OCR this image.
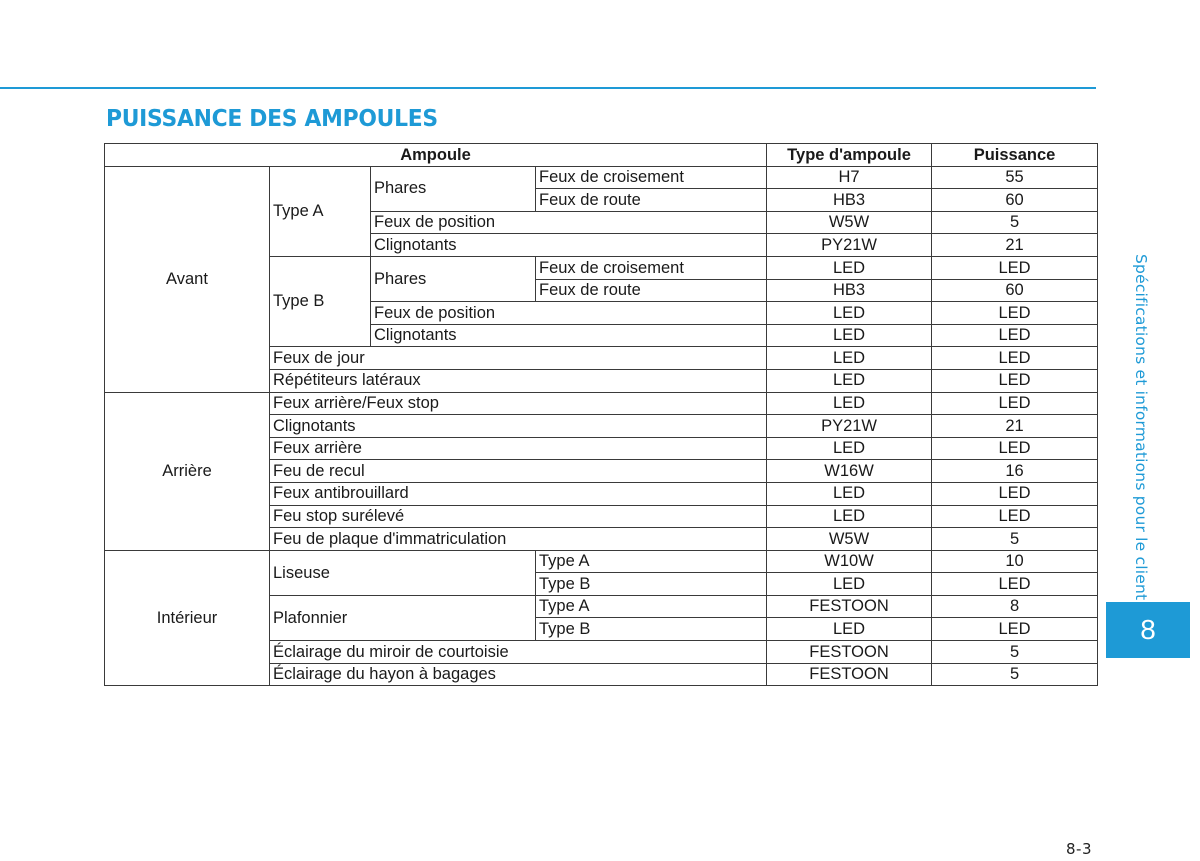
PUISSANCE DES AMPOULES
Ampoule				Type d'ampoule	Puissance
Avant	Type A	Phares	Feux de croisement	H7	55
			Feux de route	HB3	60
		Feux de position		W5W	5
		Clignotants		PY21W	21
	Type B	Phares	Feux de croisement	LED	LED
			Feux de route	HB3	60
		Feux de position		LED	LED
		Clignotants		LED	LED
	Feux de jour			LED	LED
	Répétiteurs latéraux			LED	LED
Arrière	Feux arrière/Feux stop			LED	LED
	Clignotants			PY21W	21
	Feux arrière			LED	LED
	Feu de recul			W16W	16
	Feux antibrouillard			LED	LED
	Feu stop surélevé			LED	LED
	Feu de plaque d'immatriculation			W5W	5
Intérieur	Liseuse		Type A	W10W	10
			Type B	LED	LED
	Plafonnier		Type A	FESTOON	8
			Type B	LED	LED
	Éclairage du miroir de courtoisie			FESTOON	5
	Éclairage du hayon à bagages			FESTOON	5
Spécifications et informations pour le client
8
8-3
